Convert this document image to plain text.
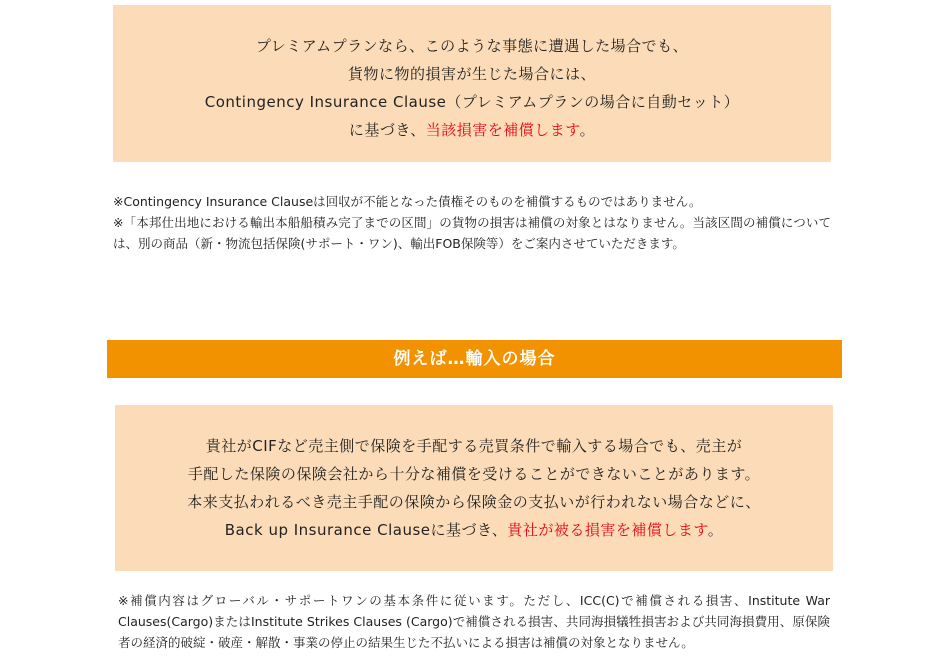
プレミアムプランなら、このような事態に遭遇した場合でも、

貨物に物的損害が生じた場合には、

Contingency Insurance Clause（プレミアムプランの場合に自動セット）

に基づき、当該損害を補償します。

※Contingency Insurance Clauseは回収が不能となった債権そのものを補償するものではありません。

※「本邦仕出地における輸出本船船積み完了までの区間」の貨物の損害は補償の対象とはなりません。当該区間の補償については、別の商品（新・物流包括保険(サポート・ワン)、輸出FOB保険等）をご案内させていただきます。

例えば…輸入の場合

貴社がCIFなど売主側で保険を手配する売買条件で輸入する場合でも、売主が

手配した保険の保険会社から十分な補償を受けることができないことがあります。

本来支払われるべき売主手配の保険から保険金の支払いが行われない場合などに、

Back up Insurance Clauseに基づき、貴社が被る損害を補償します。

※補償内容はグローバル・サポートワンの基本条件に従います。ただし、ICC(C)で補償される損害、Institute War Clauses(Cargo)またはInstitute Strikes Clauses (Cargo)で補償される損害、共同海損犠牲損害および共同海損費用、原保険者の経済的破綻・破産・解散・事業の停止の結果生じた不払いによる損害は補償の対象となりません。
